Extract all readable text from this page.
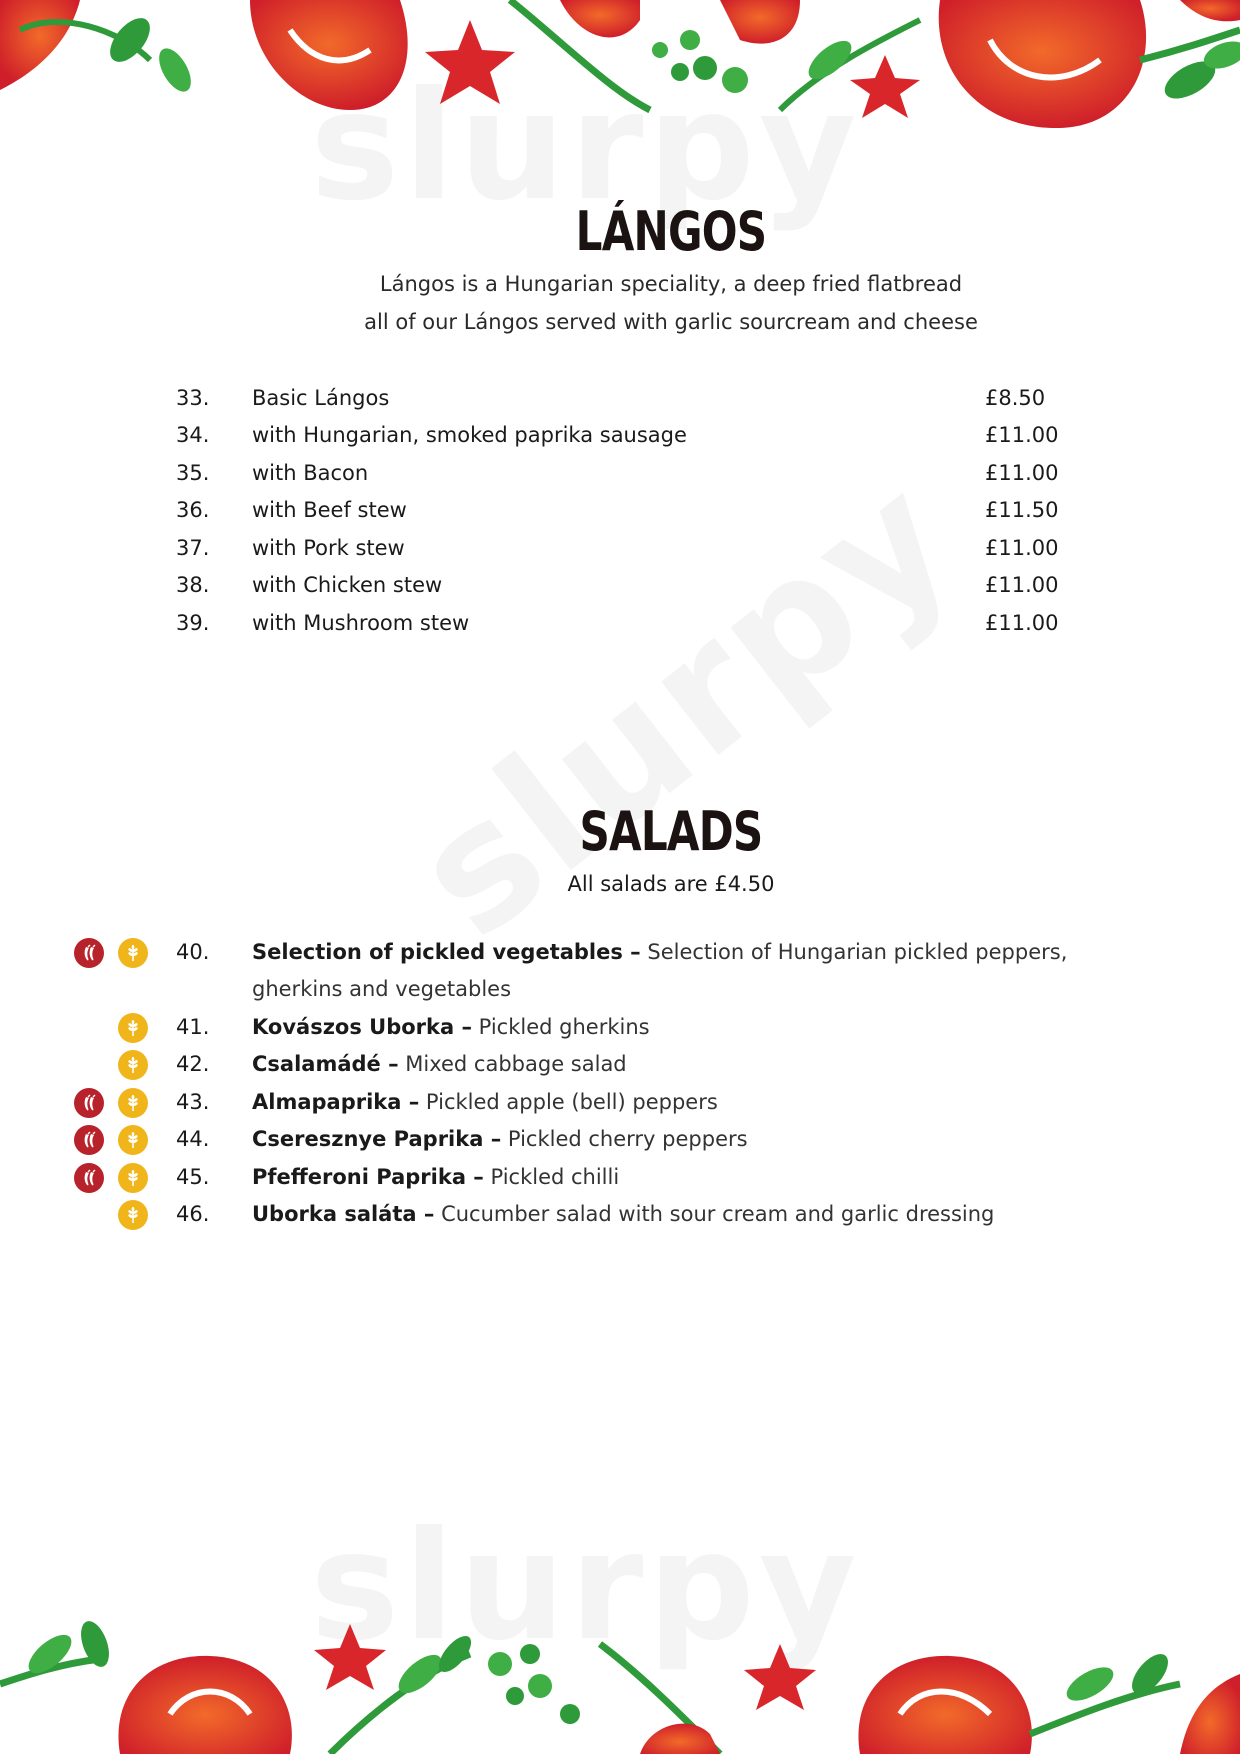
LÁNGOS
Lángos is a Hungarian speciality, a deep fried flatbread
all of our Lángos served with garlic sourcream and cheese
33. Basic Lángos	£8.50
34. with Hungarian, smoked paprika sausage	£11.00
35. with Bacon	£11.00
36. with Beef stew	£11.50
37. with Pork stew	£11.00
38. with Chicken stew	£11.00
39. with Mushroom stew	£11.00
SALADS
All salads are £4.50
40. Selection of pickled vegetables – Selection of Hungarian pickled peppers,
gherkins and vegetables
41. Kovászos Uborka – Pickled gherkins
42. Csalamádé – Mixed cabbage salad
43. Almapaprika – Pickled apple (bell) peppers
44. Cseresznye Paprika – Pickled cherry peppers
45. Pfefferoni Paprika – Pickled chilli
46. Uborka saláta – Cucumber salad with sour cream and garlic dressing
